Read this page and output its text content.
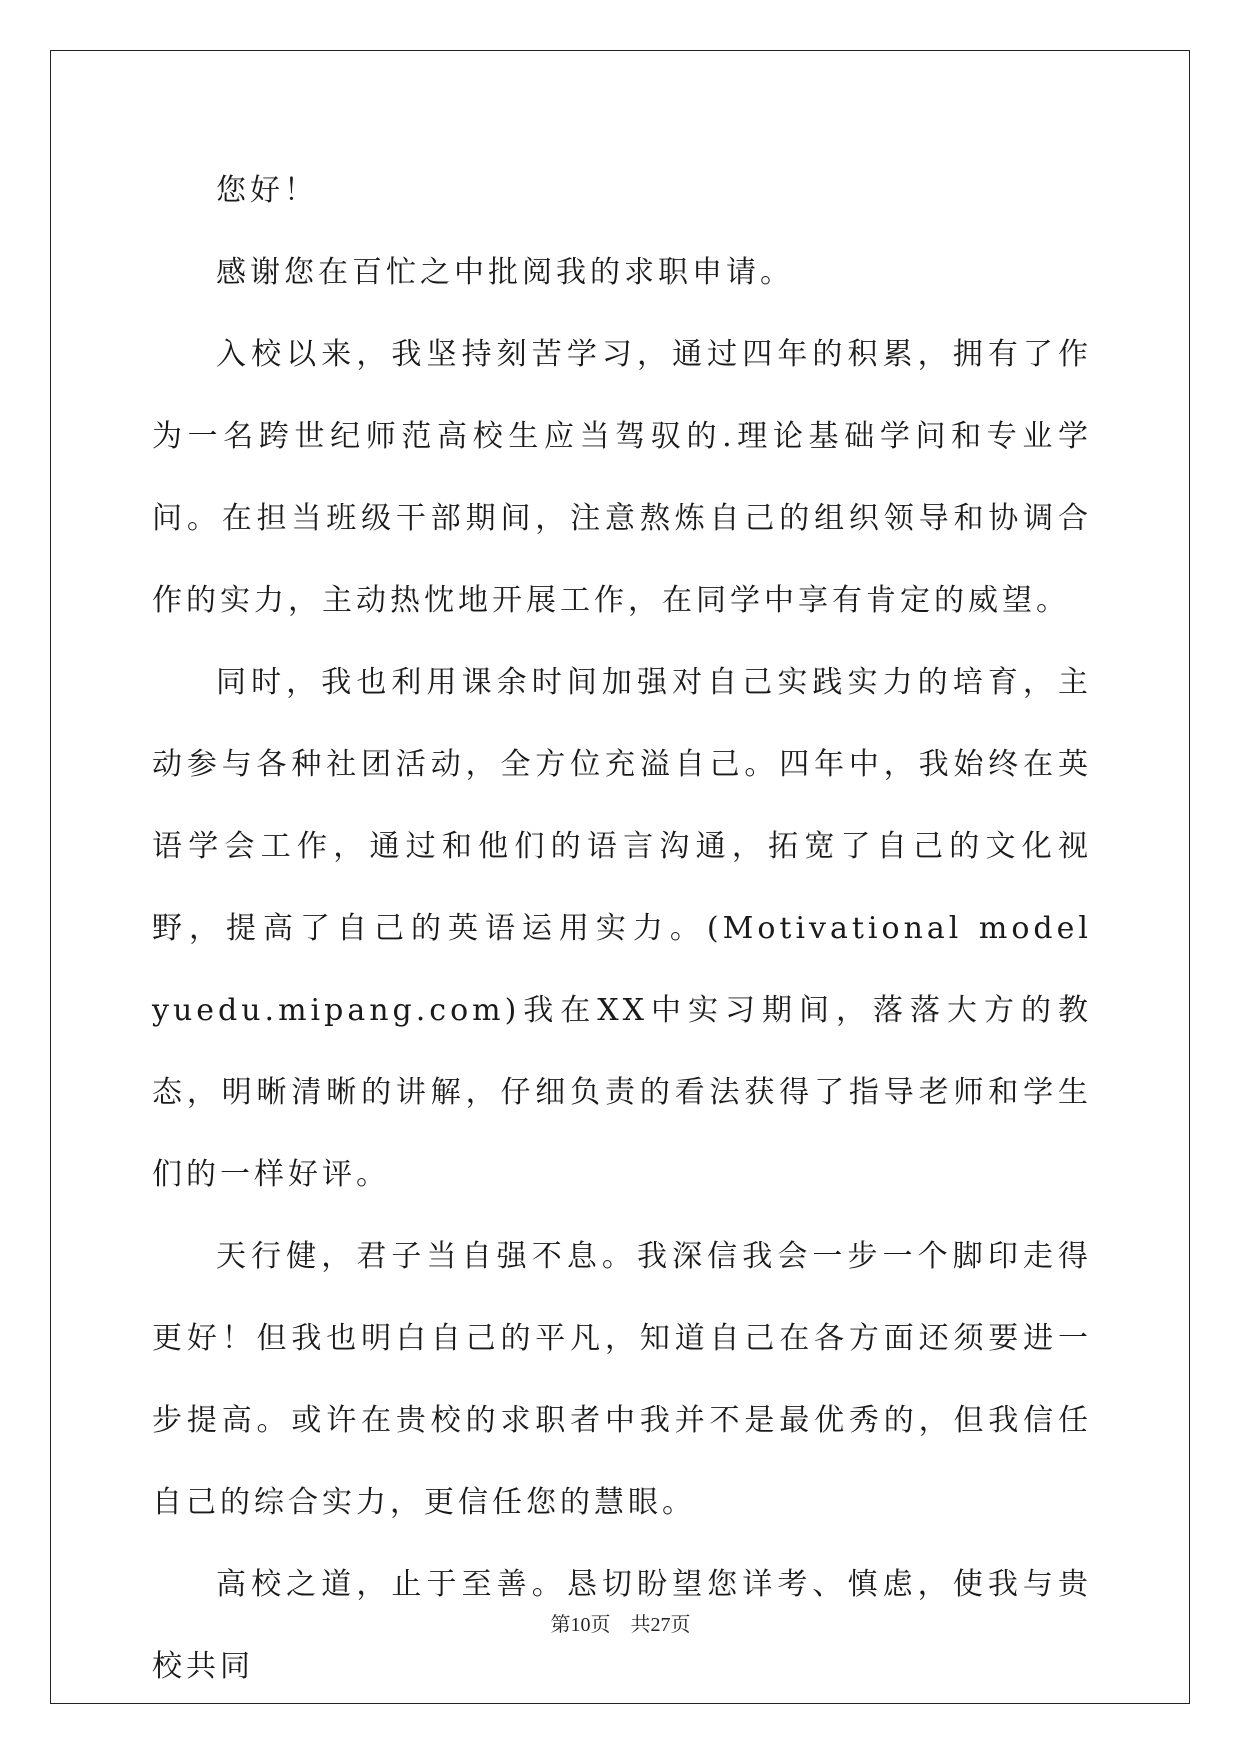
您好！

感谢您在百忙之中批阅我的求职申请。

入校以来，我坚持刻苦学习，通过四年的积累，拥有了作为一名跨世纪师范高校生应当驾驭的.理论基础学问和专业学问。在担当班级干部期间，注意熬炼自己的组织领导和协调合作的实力，主动热忱地开展工作，在同学中享有肯定的威望。

同时，我也利用课余时间加强对自己实践实力的培育，主动参与各种社团活动，全方位充溢自己。四年中，我始终在英语学会工作，通过和他们的语言沟通，拓宽了自己的文化视野，提高了自己的英语运用实力。(Motivational model yuedu.mipang.com)我在XX中实习期间，落落大方的教态，明晰清晰的讲解，仔细负责的看法获得了指导老师和学生们的一样好评。

天行健，君子当自强不息。我深信我会一步一个脚印走得更好！但我也明白自己的平凡，知道自己在各方面还须要进一步提高。或许在贵校的求职者中我并不是最优秀的，但我信任自己的综合实力，更信任您的慧眼。

高校之道，止于至善。恳切盼望您详考、慎虑，使我与贵校共同

第10页 共27页
